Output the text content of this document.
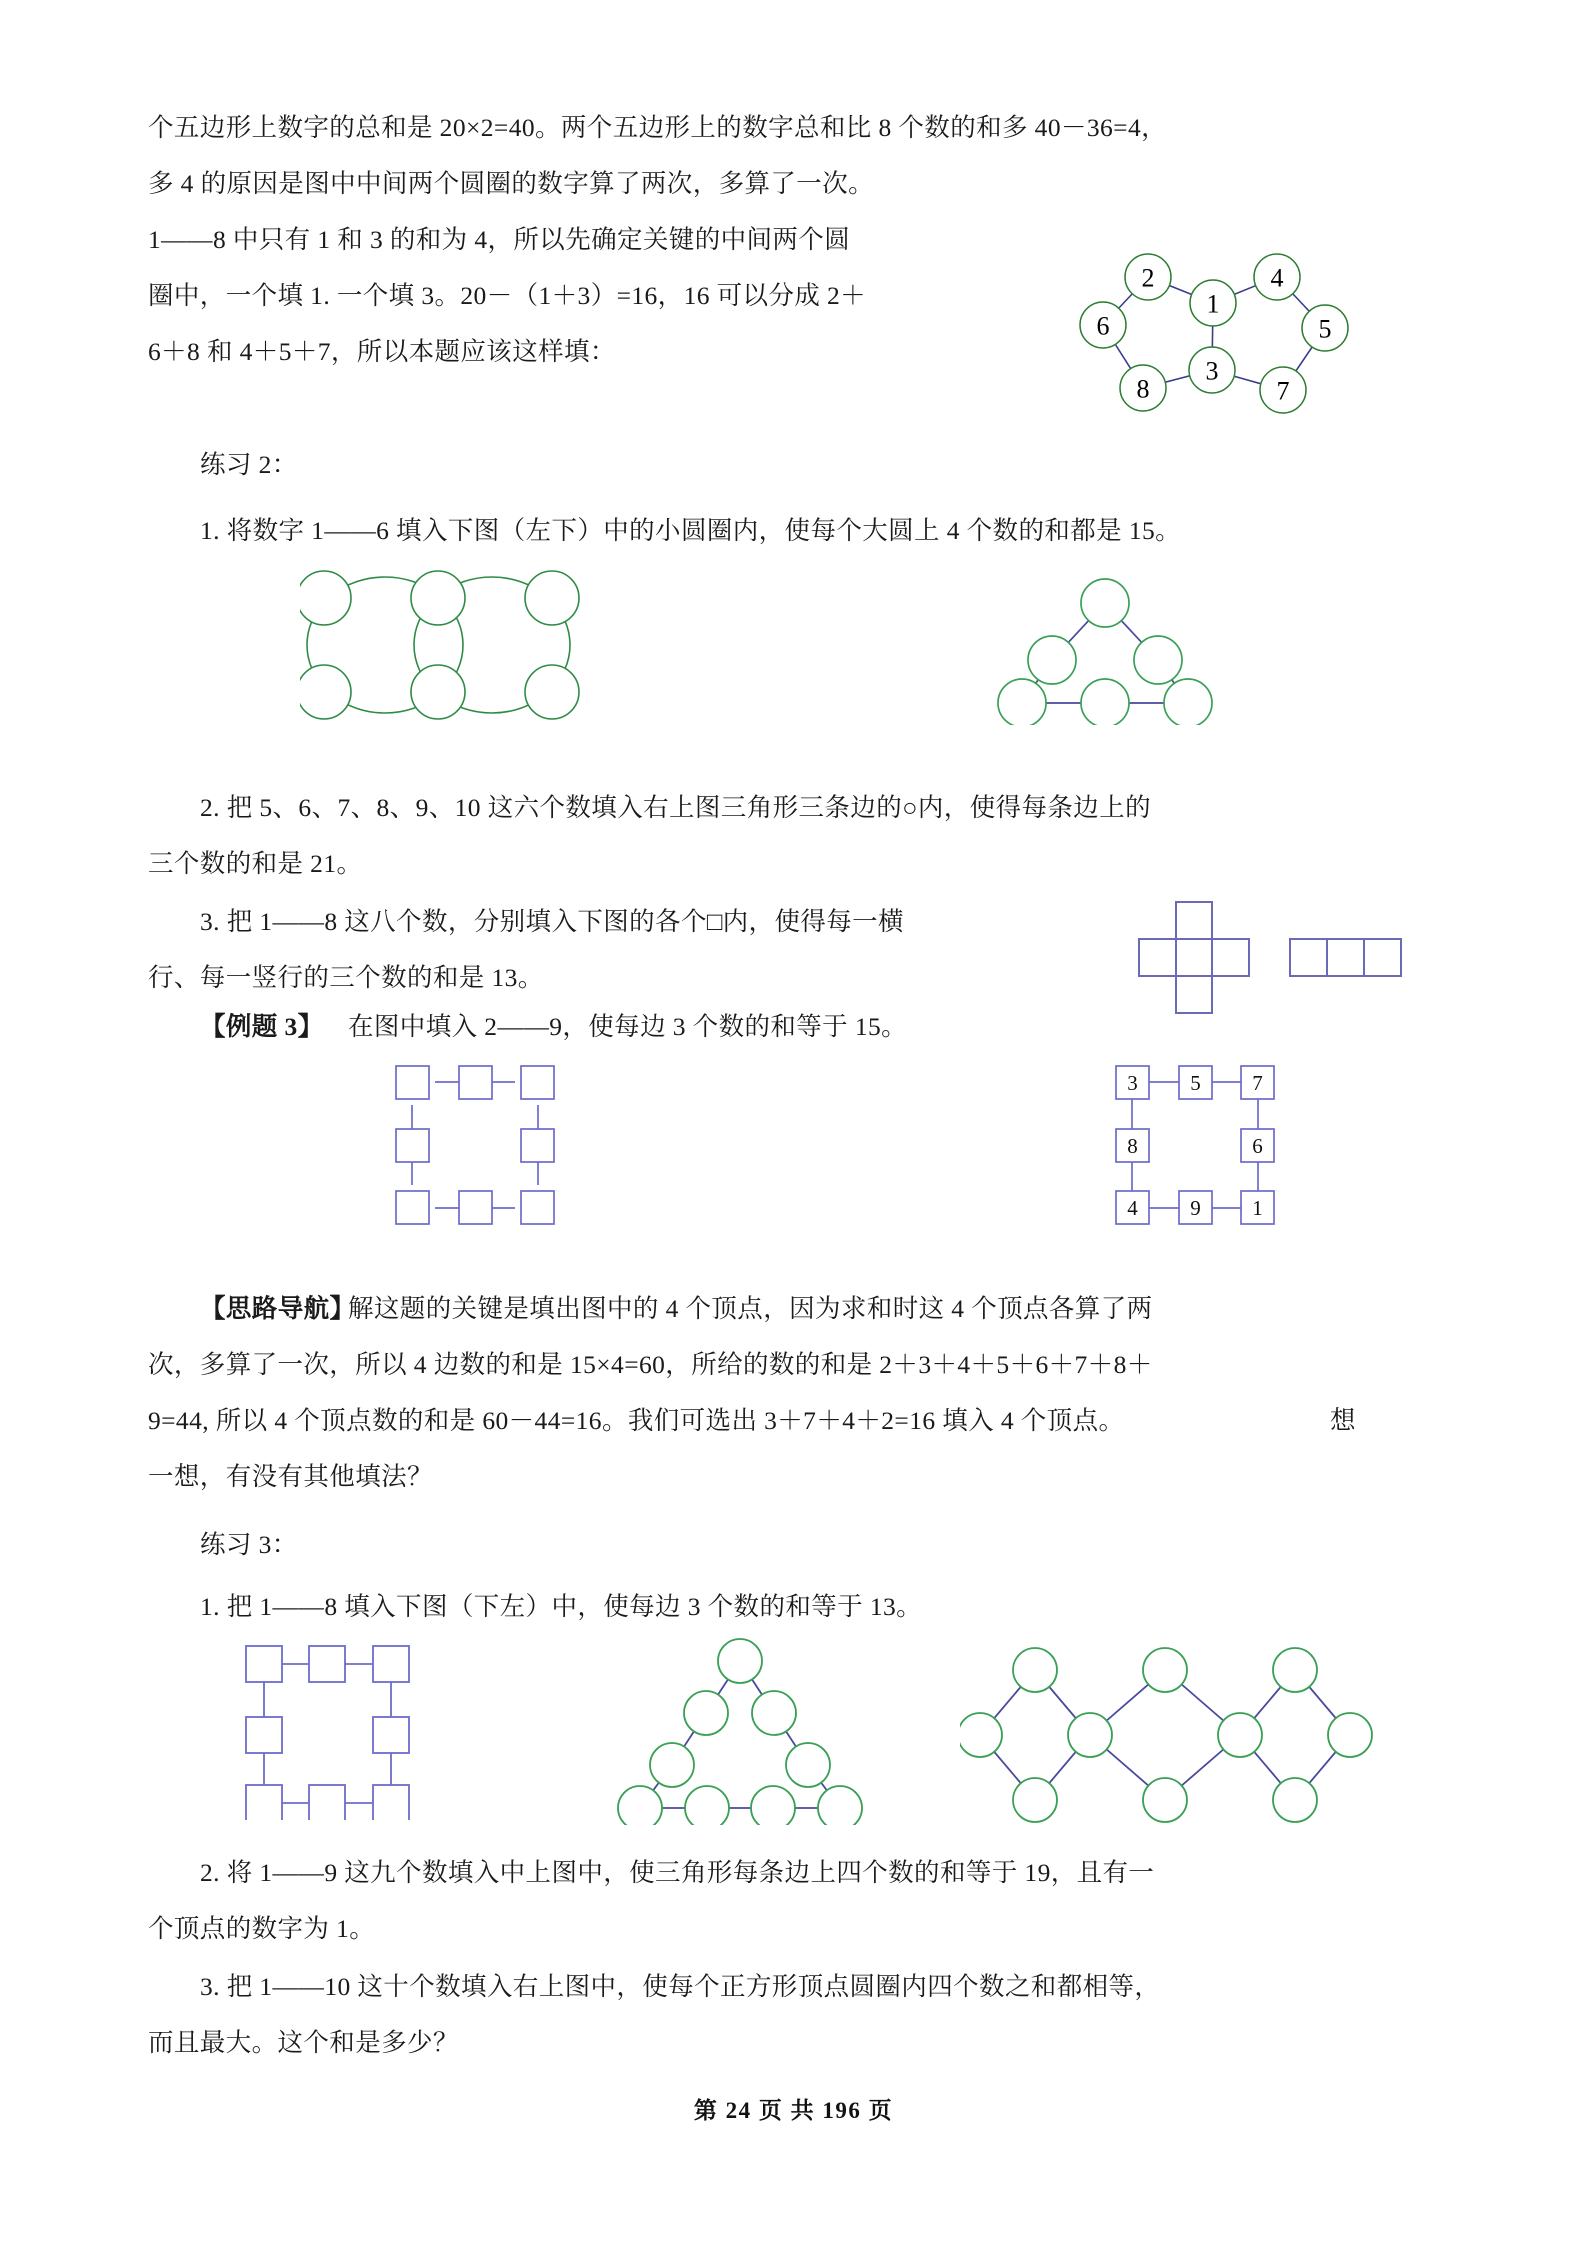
个五边形上数字的总和是 20×2=40。两个五边形上的数字总和比 8 个数的和多 40－36=4，
多 4 的原因是图中中间两个圆圈的数字算了两次，多算了一次。
1——8 中只有 1 和 3 的和为 4，所以先确定关键的中间两个圆
圈中，一个填 1. 一个填 3。20－（1＋3）=16，16 可以分成 2＋
6＋8 和 4＋5＋7，所以本题应该这样填：
2
1
4
6	5
8
3
7
练习 2：
1. 将数字 1——6 填入下图（左下）中的小圆圈内，使每个大圆上 4 个数的和都是 15。
2. 把 5、6、7、8、9、10 这六个数填入右上图三角形三条边的○内，使得每条边上的
三个数的和是 21。
3. 把 1——8 这八个数，分别填入下图的各个□内，使得每一横
行、每一竖行的三个数的和是 13。
【例题 3】 在图中填入 2——9，使每边 3 个数的和等于 15。
3	5 7
8	6
4	9 1
【思路导航】
解这题的关键是填出图中的 4 个顶点，因为求和时这 4 个顶点各算了两
次，多算了一次，所以 4 边数的和是 15×4=60，所给的数的和是 2＋3＋4＋5＋6＋7＋8＋
9=44, 所以 4 个顶点数的和是 60－44=16。我们可选出 3＋7＋4＋2=16 填入 4 个顶点。	想
一想，有没有其他填法？
练习 3：
1. 把 1——8 填入下图（下左）中，使每边 3 个数的和等于 13。
2. 将 1——9 这九个数填入中上图中，使三角形每条边上四个数的和等于 19，且有一
个顶点的数字为 1。
3. 把 1——10 这十个数填入右上图中，使每个正方形顶点圆圈内四个数之和都相等，
而且最大。这个和是多少？
第 24 页 共 196 页
